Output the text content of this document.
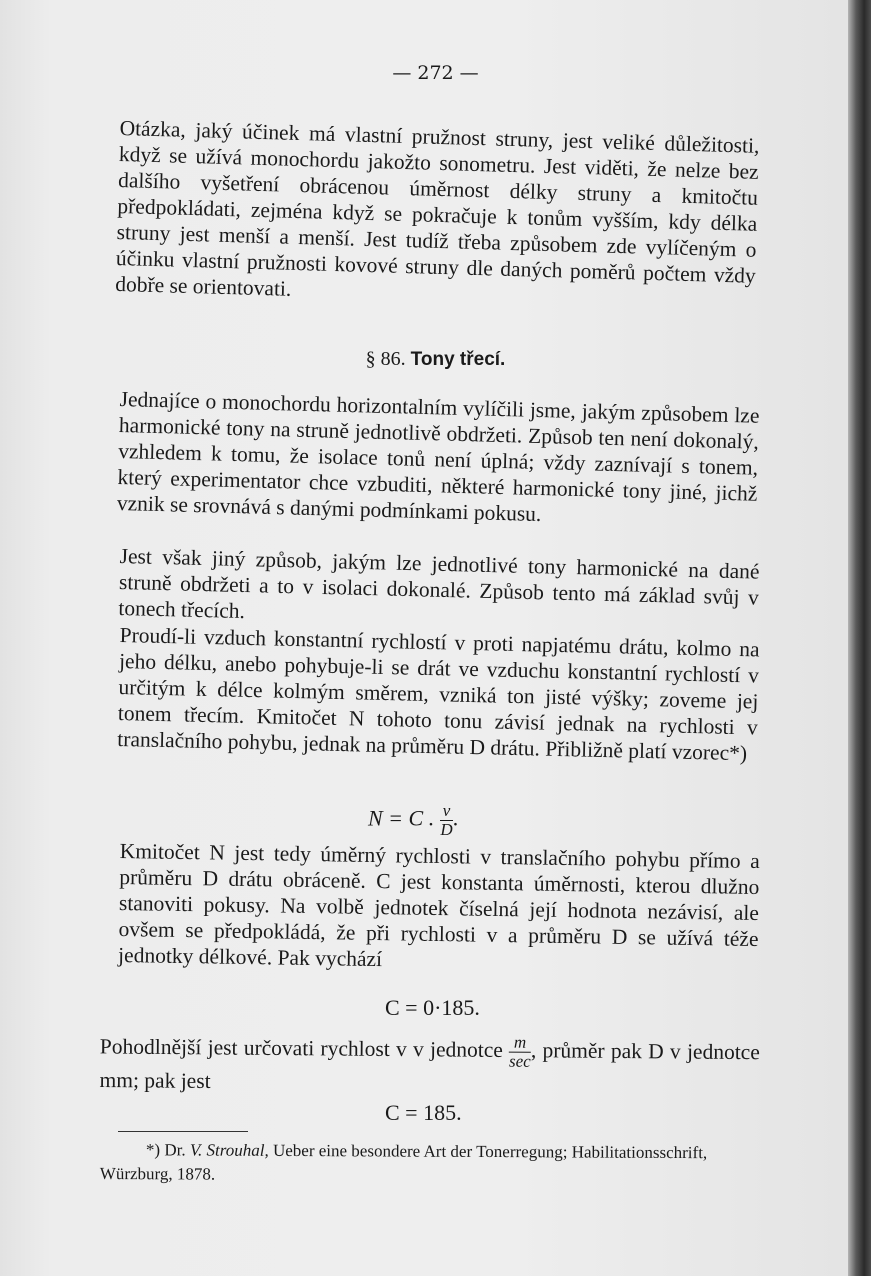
— 272 —
Otázka, jaký účinek má vlastní pružnost struny, jest veliké důležitosti, když se užívá monochordu jakožto sonometru. Jest viděti, že nelze bez dalšího vyšetření obrácenou úměrnost délky struny a kmitočtu předpokládati, zejména když se pokračuje k tonům vyšším, kdy délka struny jest menší a menší. Jest tudíž třeba způsobem zde vylíčeným o účinku vlastní pružnosti kovové struny dle daných poměrů počtem vždy dobře se orientovati.
§ 86. Tony třecí.
Jednajíce o monochordu horizontalním vylíčili jsme, jakým způsobem lze harmonické tony na struně jednotlivě obdržeti. Způsob ten není dokonalý, vzhledem k tomu, že isolace tonů není úplná; vždy zaznívají s tonem, který experimentator chce vzbuditi, některé harmonické tony jiné, jichž vznik se srovnává s danými podmínkami pokusu.
Jest však jiný způsob, jakým lze jednotlivé tony harmonické na dané struně obdržeti a to v isolaci dokonalé. Způsob tento má základ svůj v tonech třecích.
Proudí-li vzduch konstantní rychlostí v proti napjatému drátu, kolmo na jeho délku, anebo pohybuje-li se drát ve vzduchu konstantní rychlostí v určitým k délce kolmým směrem, vzniká ton jisté výšky; zoveme jej tonem třecím. Kmitočet N tohoto tonu závisí jednak na rychlosti v translačního pohybu, jednak na průměru D drátu. Přibližně platí vzorec*)
N = C . $\frac{v}{D}$ .
Kmitočet N jest tedy úměrný rychlosti v translačního pohybu přímo a průměru D drátu obráceně. C jest konstanta úměrnosti, kterou dlužno stanoviti pokusy. Na volbě jednotek číselná její hodnota nezávisí, ale ovšem se předpokládá, že při rychlosti v a průměru D se užívá téže jednotky délkové. Pak vychází
C = 0·185.
Pohodlnější jest určovati rychlost v v jednotce $\frac{m}{\sec}$ , průměr pak D v jednotce mm; pak jest
C = 185.
*) Dr. V. Strouhal, Ueber eine besondere Art der Tonerregung; Habilitationsschrift, Würzburg, 1878.
